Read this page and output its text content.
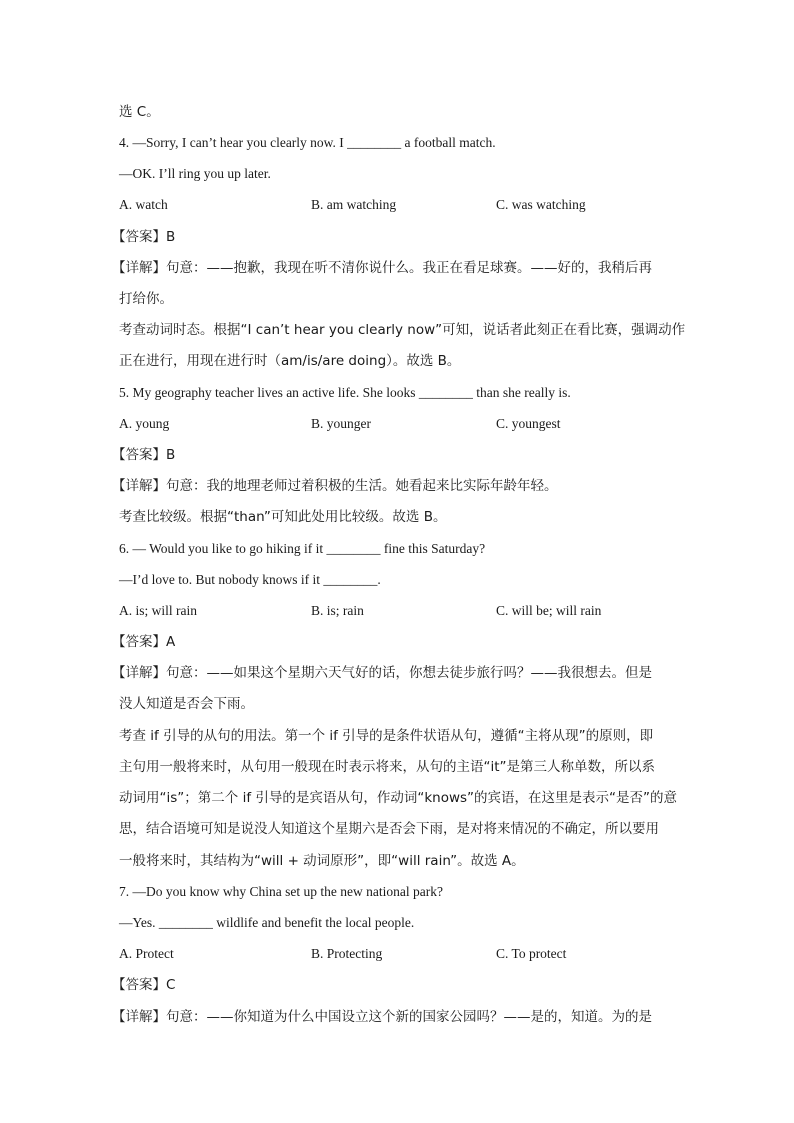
选 C。
4. —Sorry, I can’t hear you clearly now. I ________ a football match.
—OK. I’ll ring you up later.
A. watch	B. am watching	C. was watching
【答案】B
【详解】句意：——抱歉，我现在听不清你说什么。我正在看足球赛。——好的，我稍后再
打给你。
考查动词时态。根据“I can’t hear you clearly now”可知，说话者此刻正在看比赛，强调动作
正在进行，用现在进行时（am/is/are doing）。故选 B。
5. My geography teacher lives an active life. She looks ________ than she really is.
A. young	B. younger	C. youngest
【答案】B
【详解】句意：我的地理老师过着积极的生活。她看起来比实际年龄年轻。
考查比较级。根据“than”可知此处用比较级。故选 B。
6. — Would you like to go hiking if it ________ fine this Saturday?
—I’d love to. But nobody knows if it ________.
A. is; will rain	B. is; rain	C. will be; will rain
【答案】A
【详解】句意：——如果这个星期六天气好的话，你想去徒步旅行吗？——我很想去。但是
没人知道是否会下雨。
考查 if 引导的从句的用法。第一个 if 引导的是条件状语从句，遵循“主将从现”的原则，即
主句用一般将来时，从句用一般现在时表示将来，从句的主语“it”是第三人称单数，所以系
动词用“is”；第二个 if 引导的是宾语从句，作动词“knows”的宾语，在这里是表示“是否”的意
思，结合语境可知是说没人知道这个星期六是否会下雨，是对将来情况的不确定，所以要用
一般将来时，其结构为“will + 动词原形”，即“will rain”。故选 A。
7. —Do you know why China set up the new national park?
—Yes. ________ wildlife and benefit the local people.
A. Protect	B. Protecting	C. To protect
【答案】C
【详解】句意：——你知道为什么中国设立这个新的国家公园吗？——是的，知道。为的是
